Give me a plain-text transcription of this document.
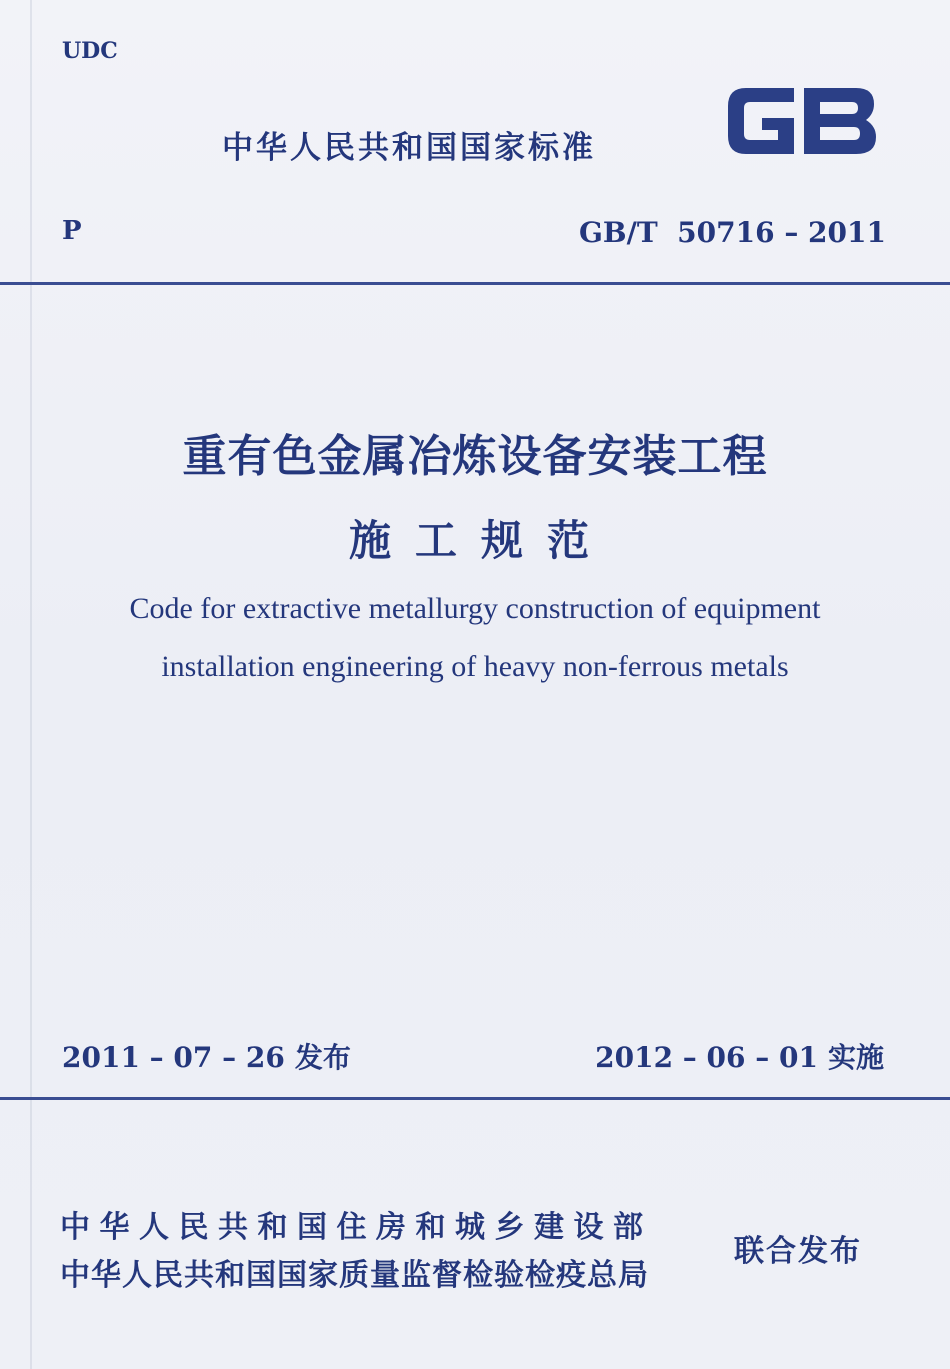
UDC
中华人民共和国国家标准
P	GB/T  50716 – 2011
重有色金属冶炼设备安装工程
施工规范
Code for extractive metallurgy construction of equipment
installation engineering of heavy non-ferrous metals
2011 – 07 – 26 发布	2012 – 06 – 01 实施
中华人民共和国住房和城乡建设部
中华人民共和国国家质量监督检验检疫总局
联合发布
